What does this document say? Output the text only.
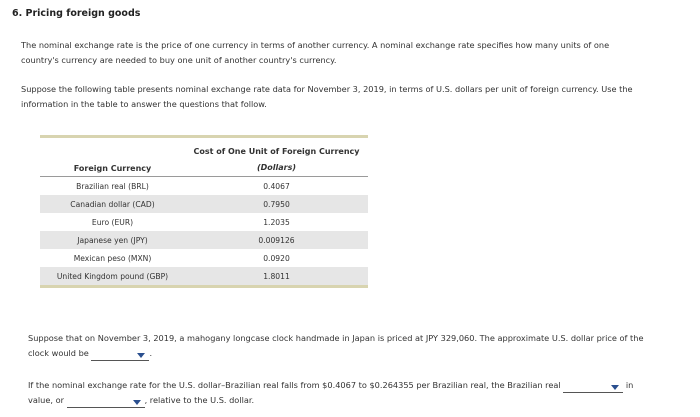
6. Pricing foreign goods
The nominal exchange rate is the price of one currency in terms of another currency. A nominal exchange rate specifies how many units of one
country's currency are needed to buy one unit of another country's currency.
Suppose the following table presents nominal exchange rate data for November 3, 2019, in terms of U.S. dollars per unit of foreign currency. Use the
information in the table to answer the questions that follow.
Foreign Currency	Cost of One Unit of Foreign Currency
(Dollars)

Brazilian real (BRL)	0.4067
Canadian dollar (CAD)	0.7950
Euro (EUR)	1.2035
Japanese yen (JPY)	0.009126
Mexican peso (MXN)	0.0920
United Kingdom pound (GBP)	1.8011
Suppose that on November 3, 2019, a mahogany longcase clock handmade in Japan is priced at JPY 329,060. The approximate U.S. dollar price of the
clock would be	.
If the nominal exchange rate for the U.S. dollar–Brazilian real falls from $0.4067 to $0.264355 per Brazilian real, the Brazilian real	in
value, or	, relative to the U.S. dollar.
